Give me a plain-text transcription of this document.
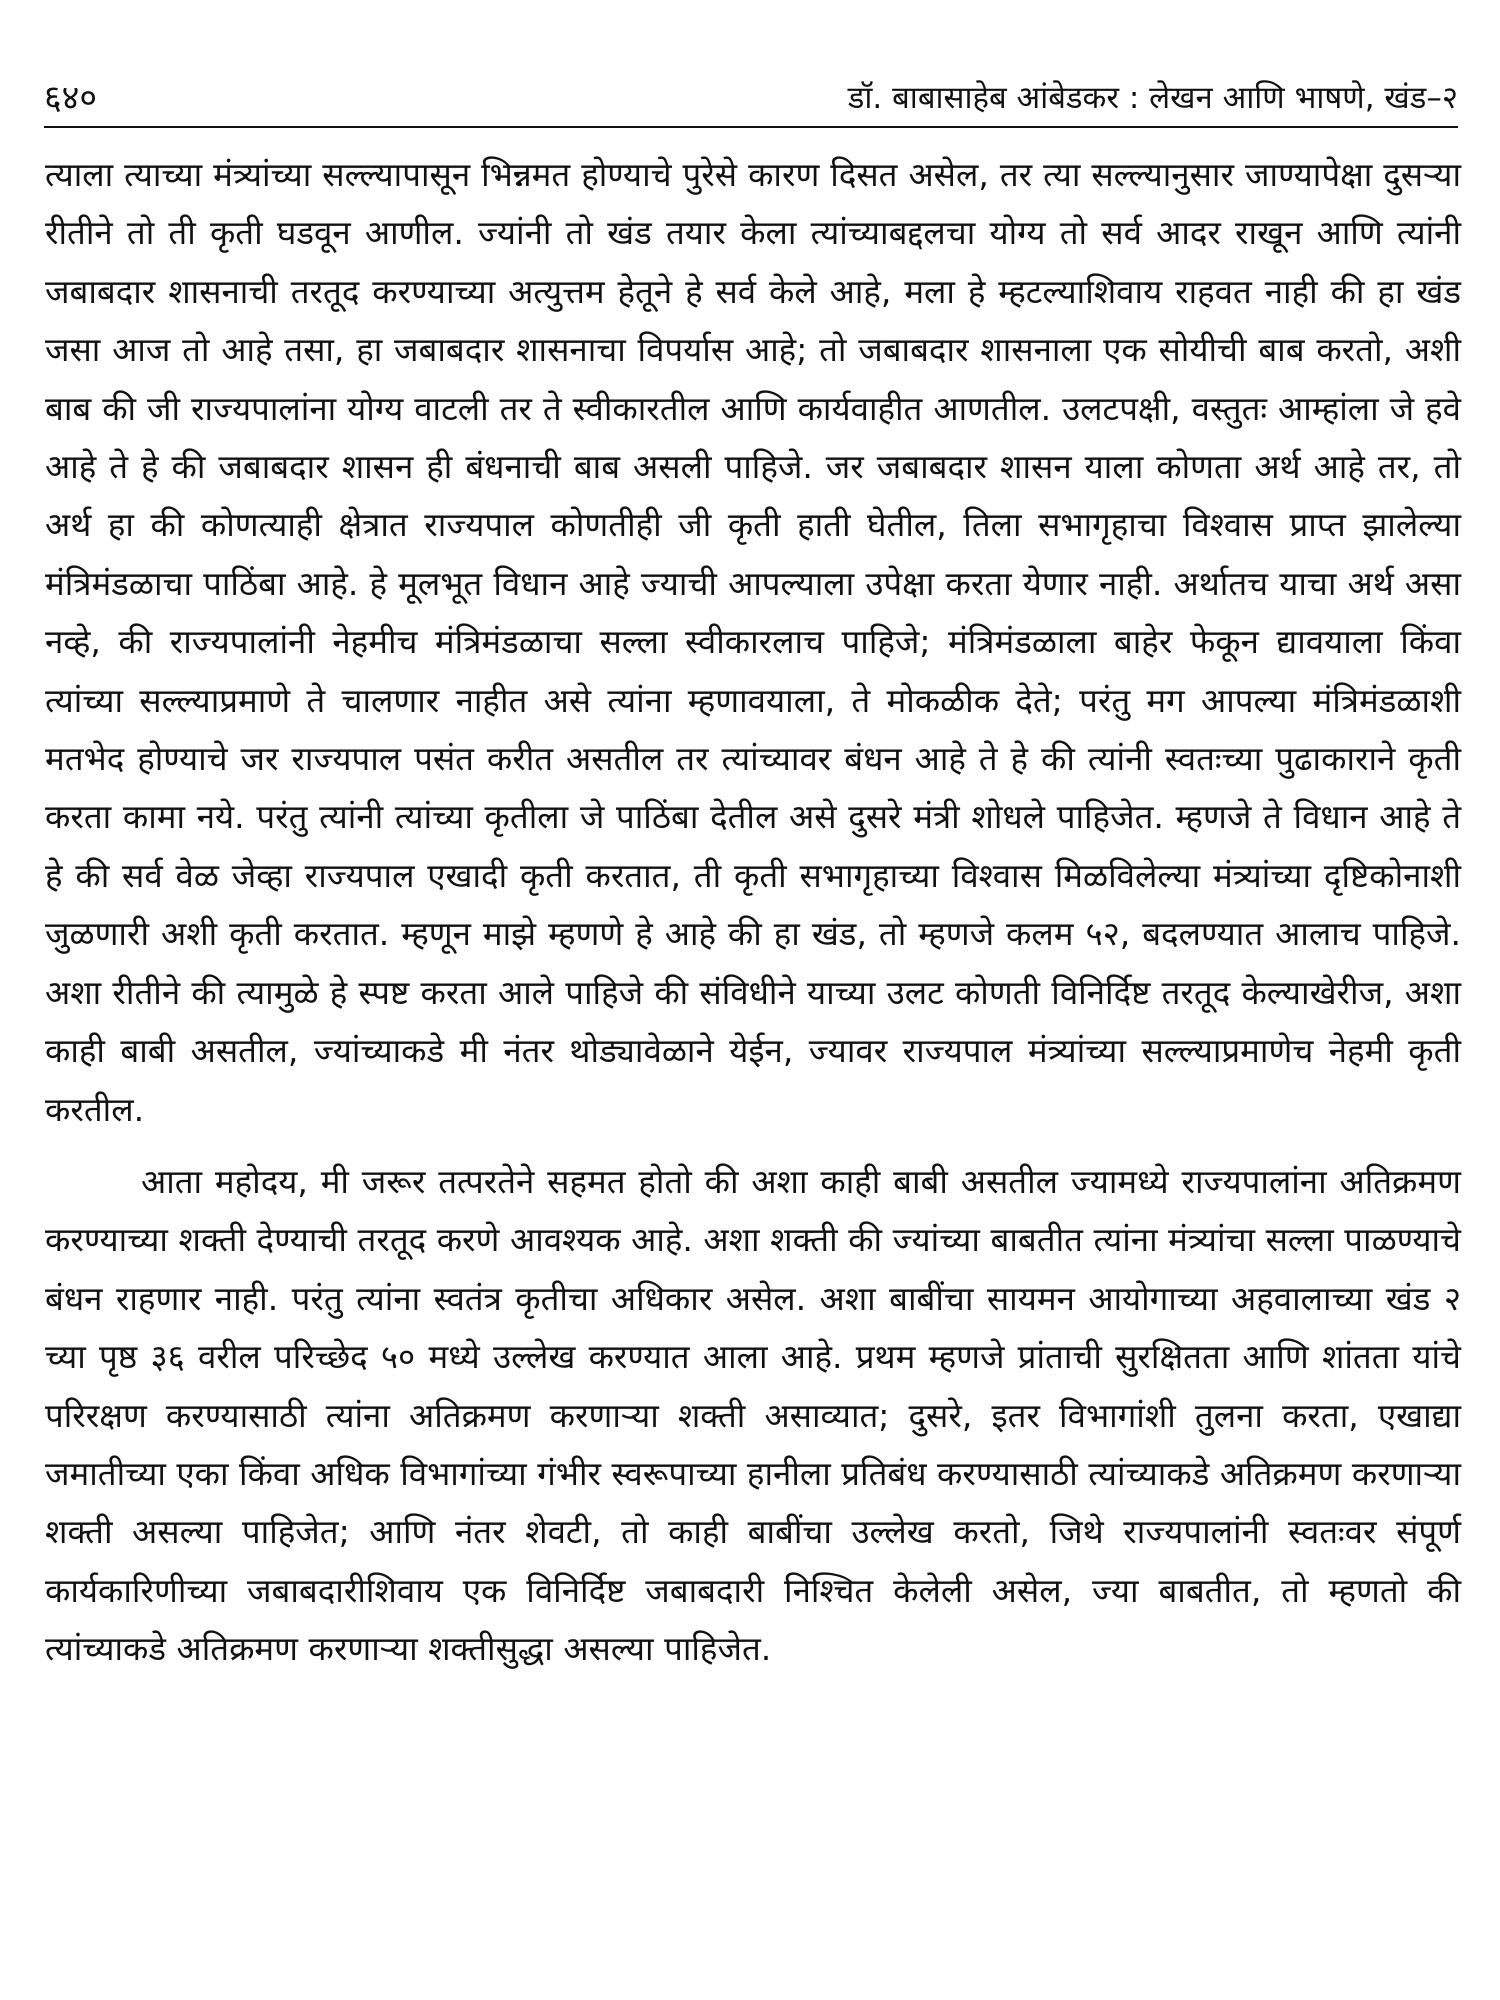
६४०	डॉ. बाबासाहेब आंबेडकर : लेखन आणि भाषणे, खंड–२

त्याला त्याच्या मंत्र्यांच्या सल्ल्यापासून भिन्नमत होण्याचे पुरेसे कारण दिसत असेल, तर त्या सल्ल्यानुसार जाण्यापेक्षा दुसऱ्या रीतीने तो ती कृती घडवून आणील. ज्यांनी तो खंड तयार केला त्यांच्याबद्दलचा योग्य तो सर्व आदर राखून आणि त्यांनी जबाबदार शासनाची तरतूद करण्याच्या अत्युत्तम हेतूने हे सर्व केले आहे, मला हे म्हटल्याशिवाय राहवत नाही की हा खंड जसा आज तो आहे तसा, हा जबाबदार शासनाचा विपर्यास आहे; तो जबाबदार शासनाला एक सोयीची बाब करतो, अशी बाब की जी राज्यपालांना योग्य वाटली तर ते स्वीकारतील आणि कार्यवाहीत आणतील. उलटपक्षी, वस्तुतः आम्हांला जे हवे आहे ते हे की जबाबदार शासन ही बंधनाची बाब असली पाहिजे. जर जबाबदार शासन याला कोणता अर्थ आहे तर, तो अर्थ हा की कोणत्याही क्षेत्रात राज्यपाल कोणतीही जी कृती हाती घेतील, तिला सभागृहाचा विश्वास प्राप्त झालेल्या मंत्रिमंडळाचा पाठिंबा आहे. हे मूलभूत विधान आहे ज्याची आपल्याला उपेक्षा करता येणार नाही. अर्थातच याचा अर्थ असा नव्हे, की राज्यपालांनी नेहमीच मंत्रिमंडळाचा सल्ला स्वीकारलाच पाहिजे; मंत्रिमंडळाला बाहेर फेकून द्यावयाला किंवा त्यांच्या सल्ल्याप्रमाणे ते चालणार नाहीत असे त्यांना म्हणावयाला, ते मोकळीक देते; परंतु मग आपल्या मंत्रिमंडळाशी मतभेद होण्याचे जर राज्यपाल पसंत करीत असतील तर त्यांच्यावर बंधन आहे ते हे की त्यांनी स्वतःच्या पुढाकाराने कृती करता कामा नये. परंतु त्यांनी त्यांच्या कृतीला जे पाठिंबा देतील असे दुसरे मंत्री शोधले पाहिजेत. म्हणजे ते विधान आहे ते हे की सर्व वेळ जेव्हा राज्यपाल एखादी कृती करतात, ती कृती सभागृहाच्या विश्वास मिळविलेल्या मंत्र्यांच्या दृष्टिकोनाशी जुळणारी अशी कृती करतात. म्हणून माझे म्हणणे हे आहे की हा खंड, तो म्हणजे कलम ५२, बदलण्यात आलाच पाहिजे. अशा रीतीने की त्यामुळे हे स्पष्ट करता आले पाहिजे की संविधीने याच्या उलट कोणती विनिर्दिष्ट तरतूद केल्याखेरीज, अशा काही बाबी असतील, ज्यांच्याकडे मी नंतर थोड्यावेळाने येईन, ज्यावर राज्यपाल मंत्र्यांच्या सल्ल्याप्रमाणेच नेहमी कृती करतील.

आता महोदय, मी जरूर तत्परतेने सहमत होतो की अशा काही बाबी असतील ज्यामध्ये राज्यपालांना अतिक्रमण करण्याच्या शक्ती देण्याची तरतूद करणे आवश्यक आहे. अशा शक्ती की ज्यांच्या बाबतीत त्यांना मंत्र्यांचा सल्ला पाळण्याचे बंधन राहणार नाही. परंतु त्यांना स्वतंत्र कृतीचा अधिकार असेल. अशा बाबींचा सायमन आयोगाच्या अहवालाच्या खंड २ च्या पृष्ठ ३६ वरील परिच्छेद ५० मध्ये उल्लेख करण्यात आला आहे. प्रथम म्हणजे प्रांताची सुरक्षितता आणि शांतता यांचे परिरक्षण करण्यासाठी त्यांना अतिक्रमण करणाऱ्या शक्ती असाव्यात; दुसरे, इतर विभागांशी तुलना करता, एखाद्या जमातीच्या एका किंवा अधिक विभागांच्या गंभीर स्वरूपाच्या हानीला प्रतिबंध करण्यासाठी त्यांच्याकडे अतिक्रमण करणाऱ्या शक्ती असल्या पाहिजेत; आणि नंतर शेवटी, तो काही बाबींचा उल्लेख करतो, जिथे राज्यपालांनी स्वतःवर संपूर्ण कार्यकारिणीच्या जबाबदारीशिवाय एक विनिर्दिष्ट जबाबदारी निश्चित केलेली असेल, ज्या बाबतीत, तो म्हणतो की त्यांच्याकडे अतिक्रमण करणाऱ्या शक्तीसुद्धा असल्या पाहिजेत.
